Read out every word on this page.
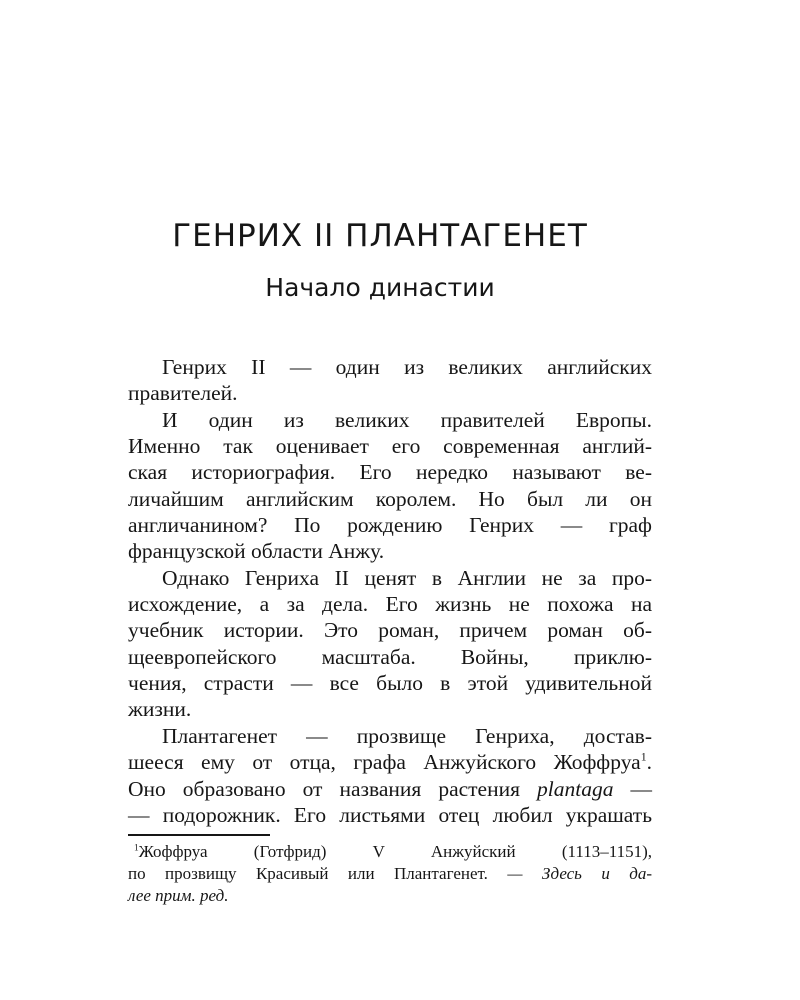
ГЕНРИХ II ПЛАНТАГЕНЕТ
Начало династии
Генрих II — один из великих английских
правителей.
И один из великих правителей Европы.
Именно так оценивает его современная англий-
ская историография. Его нередко называют ве-
личайшим английским королем. Но был ли он
англичанином? По рождению Генрих — граф
французской области Анжу.
Однако Генриха II ценят в Англии не за про-
исхождение, а за дела. Его жизнь не похожа на
учебник истории. Это роман, причем роман об-
щеевропейского масштаба. Войны, приклю-
чения, страсти — все было в этой удивительной
жизни.
Плантагенет — прозвище Генриха, достав-
шееся ему от отца, графа Анжуйского Жоффруа$^1$.
Оно образовано от названия растения plantaga —
— подорожник. Его листьями отец любил украшать
$^1$Жоффруа (Готфрид) V Анжуйский (1113–1151),
по прозвищу Красивый или Плантагенет. — Здесь и да-
лее прим. ред.
